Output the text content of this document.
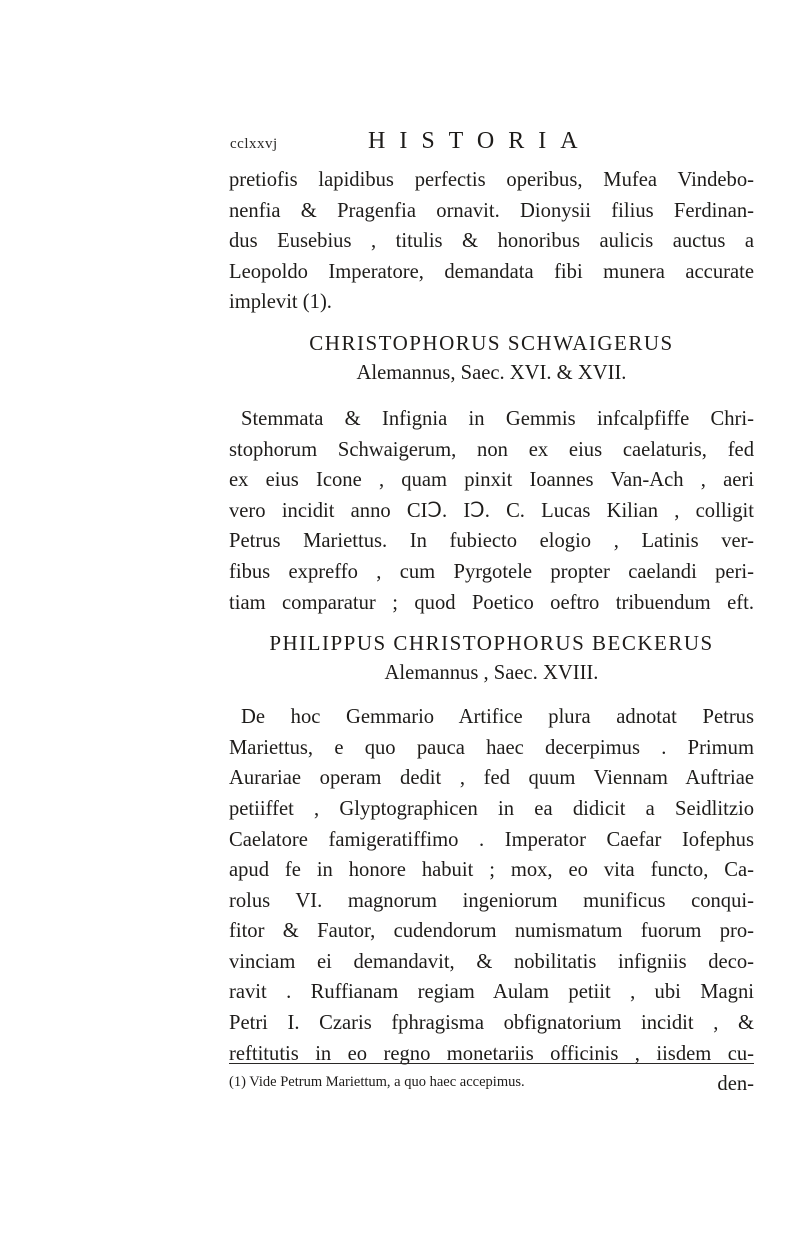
cclxxvj	HISTORIA

pretiofis lapidibus perfectis operibus, Mufea Vindebo-
nenfia & Pragenfia ornavit. Dionysii filius Ferdinan-
dus Eusebius , titulis & honoribus aulicis auctus a
Leopoldo Imperatore, demandata fibi munera accurate
implevit (1).

CHRISTOPHORUS SCHWAIGERUS
Alemannus, Saec. XVI. & XVII.

Stemmata & Infignia in Gemmis infcalpfiffe Chri-
stophorum Schwaigerum, non ex eius caelaturis, fed
ex eius Icone , quam pinxit Ioannes Van-Ach , aeri
vero incidit anno CIↃ. IↃ. C. Lucas Kilian , colligit
Petrus Mariettus. In fubiecto elogio , Latinis ver-
fibus expreffo , cum Pyrgotele propter caelandi peri-
tiam comparatur ; quod Poetico oeftro tribuendum eft.

PHILIPPUS CHRISTOPHORUS BECKERUS
Alemannus , Saec. XVIII.

De hoc Gemmario Artifice plura adnotat Petrus
Mariettus, e quo pauca haec decerpimus . Primum
Aurariae operam dedit , fed quum Viennam Auftriae
petiiffet , Glyptographicen in ea didicit a Seidlitzio
Caelatore famigeratiffimo . Imperator Caefar Iofephus
apud fe in honore habuit ; mox, eo vita functo, Ca-
rolus VI. magnorum ingeniorum munificus conqui-
fitor & Fautor, cudendorum numismatum fuorum pro-
vinciam ei demandavit, & nobilitatis infigniis deco-
ravit . Ruffianam regiam Aulam petiit , ubi Magni
Petri I. Czaris fphragisma obfignatorium incidit , &
reftitutis in eo regno monetariis officinis , iisdem cu-
den-

(1) Vide Petrum Mariettum, a quo haec accepimus.
